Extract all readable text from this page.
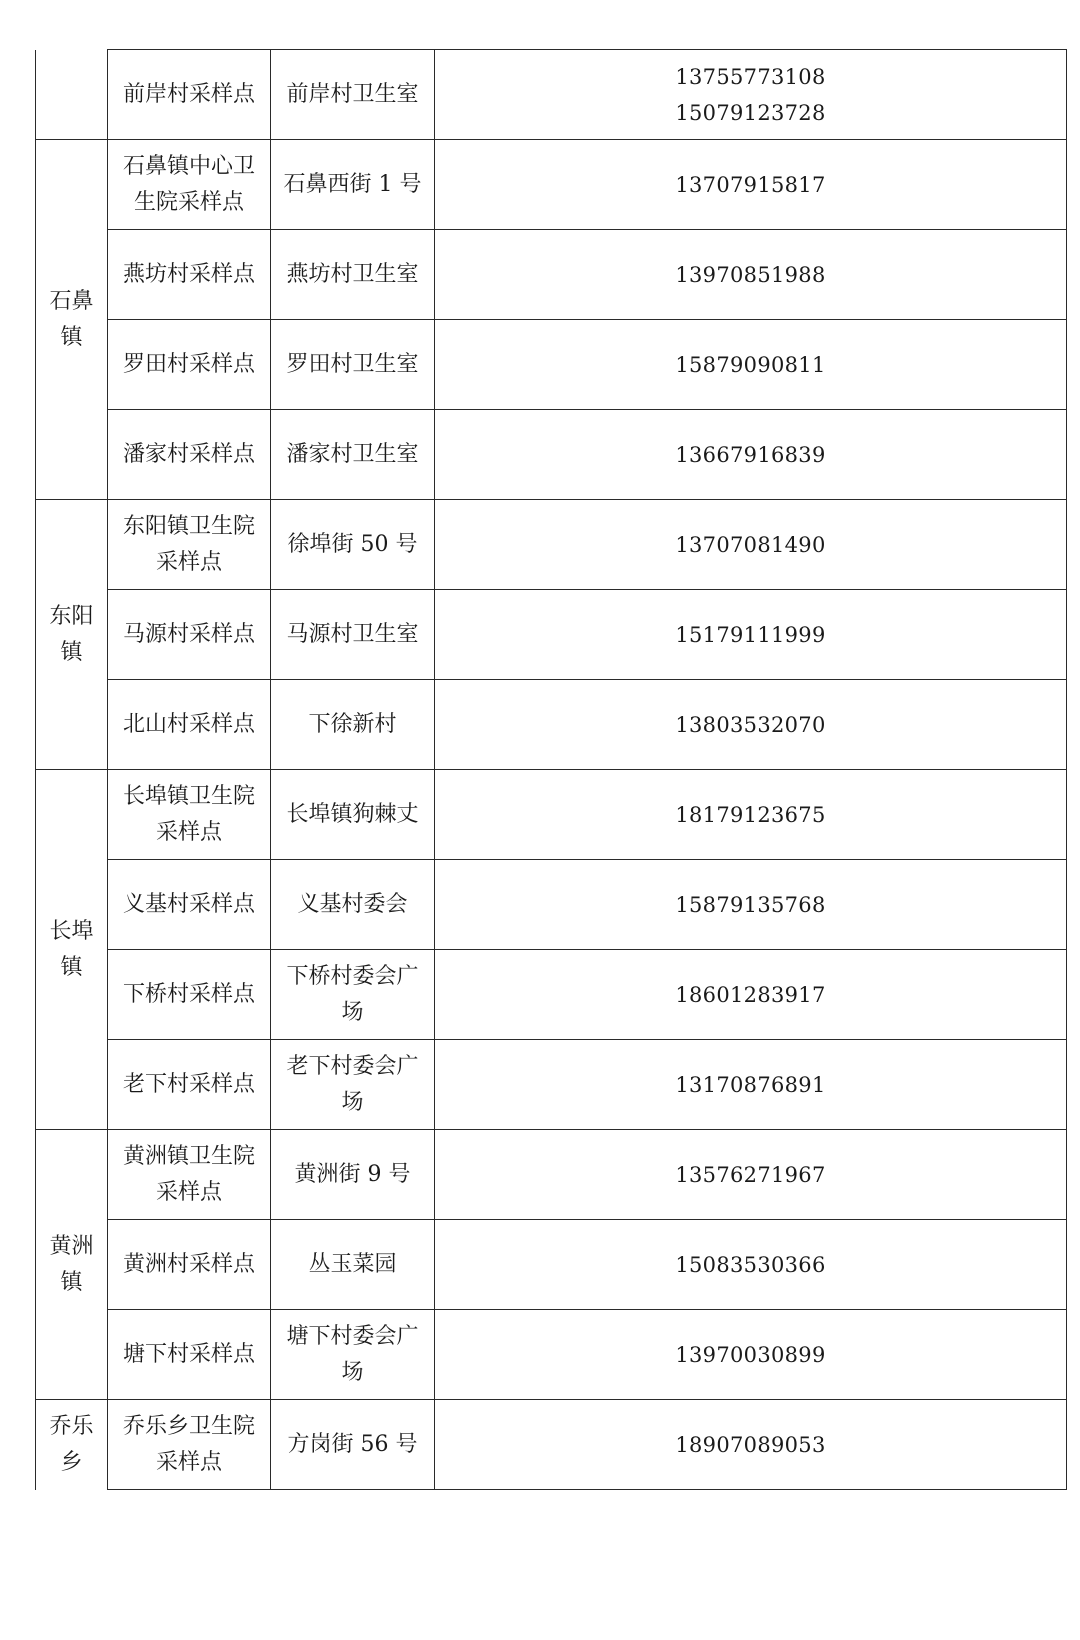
	前岸村采样点	前岸村卫生室	13755773108
15079123728

石鼻镇	石鼻镇中心卫生院采样点	石鼻西街 1 号	13707915817

	燕坊村采样点	燕坊村卫生室	13970851988

	罗田村采样点	罗田村卫生室	15879090811

	潘家村采样点	潘家村卫生室	13667916839

东阳镇	东阳镇卫生院采样点	徐埠街 50 号	13707081490

	马源村采样点	马源村卫生室	15179111999

	北山村采样点	下徐新村	13803532070

长埠镇	长埠镇卫生院采样点	长埠镇狗棘丈	18179123675

	义基村采样点	义基村委会	15879135768

	下桥村采样点	下桥村委会广场	18601283917

	老下村采样点	老下村委会广场	13170876891

黄洲镇	黄洲镇卫生院采样点	黄洲街 9 号	13576271967

	黄洲村采样点	丛玉菜园	15083530366

	塘下村采样点	塘下村委会广场	13970030899

乔乐乡	乔乐乡卫生院采样点	方岗街 56 号	18907089053
